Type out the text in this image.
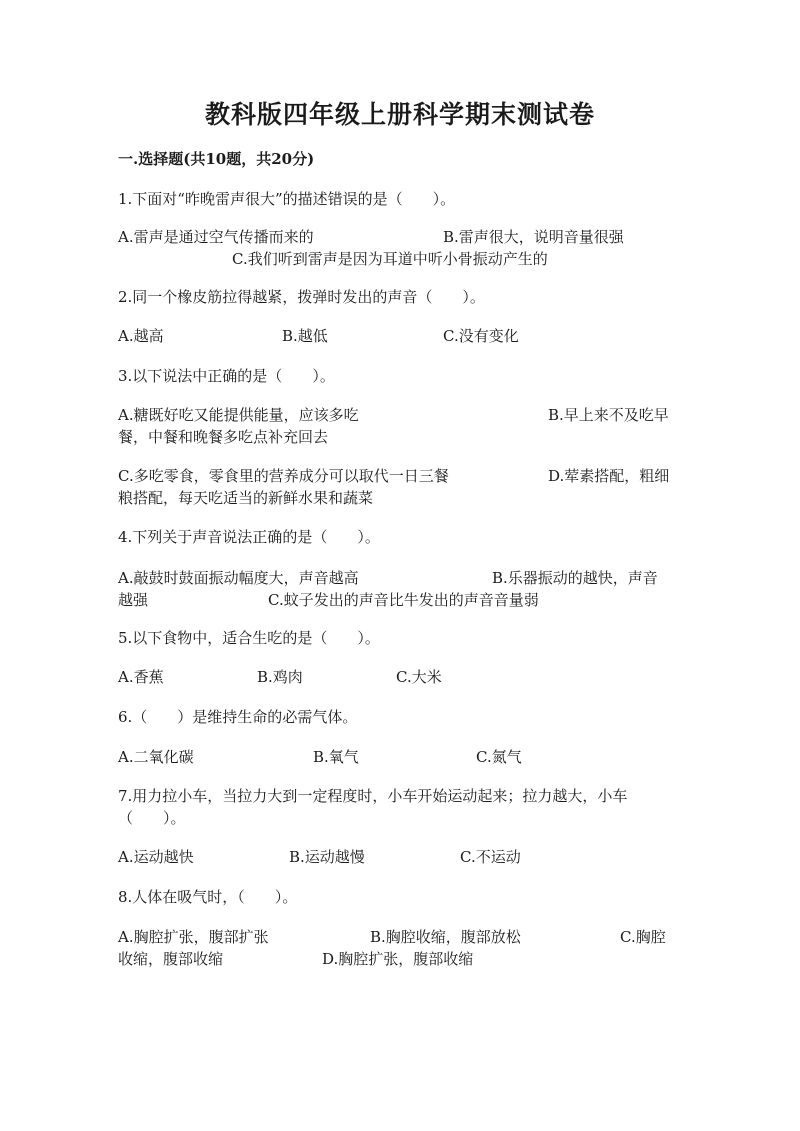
教科版四年级上册科学期末测试卷
一.选择题(共10题，共20分)
1.下面对“昨晚雷声很大”的描述错误的是（　　）。
A.雷声是通过空气传播而来的	B.雷声很大，说明音量很强
C.我们听到雷声是因为耳道中听小骨振动产生的
2.同一个橡皮筋拉得越紧，拨弹时发出的声音（　　）。
A.越高	B.越低	C.没有变化
3.以下说法中正确的是（　　）。
A.糖既好吃又能提供能量，应该多吃	B.早上来不及吃早
餐，中餐和晚餐多吃点补充回去
C.多吃零食，零食里的营养成分可以取代一日三餐	D.荤素搭配，粗细
粮搭配，每天吃适当的新鲜水果和蔬菜
4.下列关于声音说法正确的是（　　）。
A.敲鼓时鼓面振动幅度大，声音越高	B.乐器振动的越快，声音
越强	C.蚊子发出的声音比牛发出的声音音量弱
5.以下食物中，适合生吃的是（　　）。
A.香蕉	B.鸡肉	C.大米
6.（　　）是维持生命的必需气体。
A.二氧化碳	B.氧气	C.氮气
7.用力拉小车，当拉力大到一定程度时，小车开始运动起来；拉力越大，小车
（　　）。
A.运动越快	B.运动越慢	C.不运动
8.人体在吸气时，（　　）。
A.胸腔扩张，腹部扩张	B.胸腔收缩，腹部放松	C.胸腔
收缩，腹部收缩	D.胸腔扩张，腹部收缩
